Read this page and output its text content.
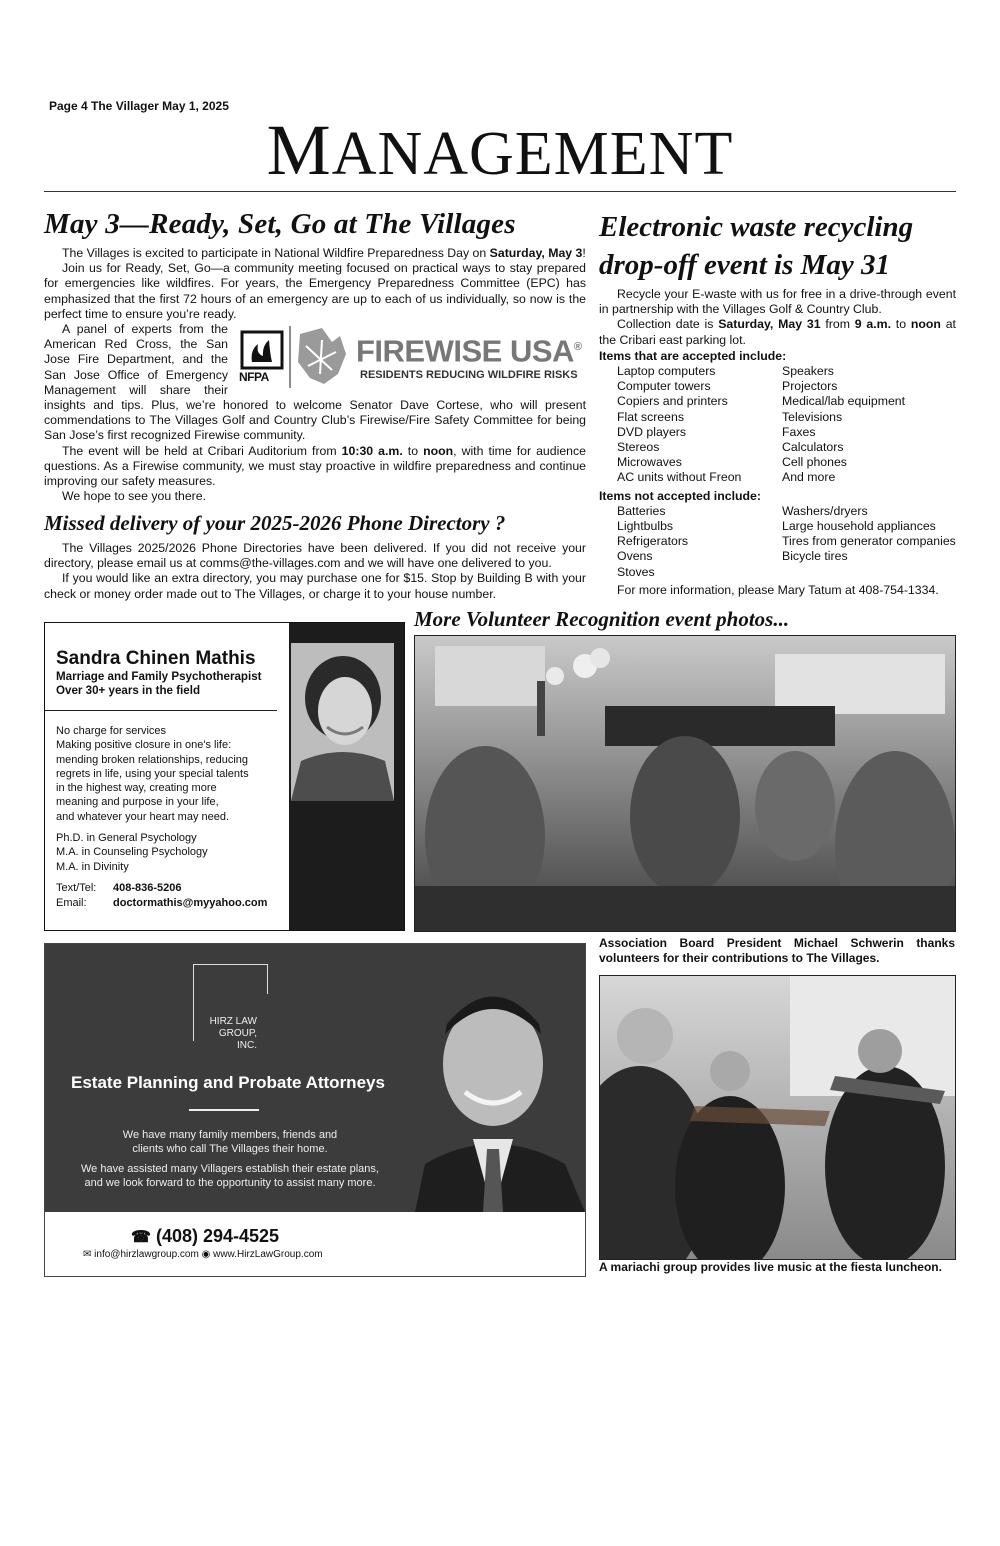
Page 4 The Villager May 1, 2025
MANAGEMENT
May 3—Ready, Set, Go at The Villages

The Villages is excited to participate in National Wildfire Preparedness Day on Saturday, May 3!

Join us for Ready, Set, Go—a community meeting focused on practical ways to stay prepared for emergencies like wildfires. For years, the Emergency Preparedness Committee (EPC) has emphasized that the first 72 hours of an emergency are up to each of us individually, so now is the perfect time to ensure you’re ready.

NFPA
FIREWISE USA®
RESIDENTS REDUCING WILDFIRE RISKS

A panel of experts from the American Red Cross, the San Jose Fire Department, and the San Jose Office of Emergency Management will share their insights and tips. Plus, we’re honored to welcome Senator Dave Cortese, who will present commendations to The Villages Golf and Country Club’s Firewise/Fire Safety Committee for being San Jose’s first recognized Firewise community.

The event will be held at Cribari Auditorium from 10:30 a.m. to noon, with time for audience questions. As a Firewise community, we must stay proactive in wildfire preparedness and continue improving our safety measures.

We hope to see you there.

Missed delivery of your 2025-2026 Phone Directory ?

The Villages 2025/2026 Phone Directories have been delivered. If you did not receive your directory, please email us at comms@the-villages.com and we will have one delivered to you.

If you would like an extra directory, you may purchase one for $15. Stop by Building B with your check or money order made out to The Villages, or charge it to your house number.

Electronic waste recycling
drop-off event is May 31

Recycle your E-waste with us for free in a drive-through event in partnership with the Villages Golf & Country Club.

Collection date is Saturday, May 31 from 9 a.m. to noon at the Cribari east parking lot.

Items that are accepted include:

Laptop computers	Speakers
Computer towers	Projectors
Copiers and printers	Medical/lab equipment
Flat screens	Televisions
DVD players	Faxes
Stereos	Calculators
Microwaves	Cell phones
AC units without Freon	And more

Items not accepted include:

Batteries	Washers/dryers
Lightbulbs	Large household appliances
Refrigerators	Tires from generator companies
Ovens	Bicycle tires
Stoves

For more information, please Mary Tatum at 408-754-1334.

More Volunteer Recognition event photos...
Association Board President Michael Schwerin thanks volunteers for their contributions to The Villages.
A mariachi group provides live music at the fiesta luncheon.
Sandra Chinen Mathis
Marriage and Family Psychotherapist
Over 30+ years in the field
No charge for services
Making positive closure in one's life:
mending broken relationships, reducing
regrets in life, using your special talents
in the highest way, creating more
meaning and purpose in your life,
and whatever your heart may need.
Ph.D. in General Psychology
M.A. in Counseling Psychology
M.A. in Divinity
Text/Tel: 408-836-5206
Email: doctormathis@myyahoo.com
HIRZ LAW
GROUP, INC.
Estate Planning and Probate Attorneys
We have many family members, friends and
clients who call The Villages their home.
We have assisted many Villagers establish their estate plans,
and we look forward to the opportunity to assist many more.
☎ (408) 294-4525
✉ info@hirzlawgroup.com ◉ www.HirzLawGroup.com
